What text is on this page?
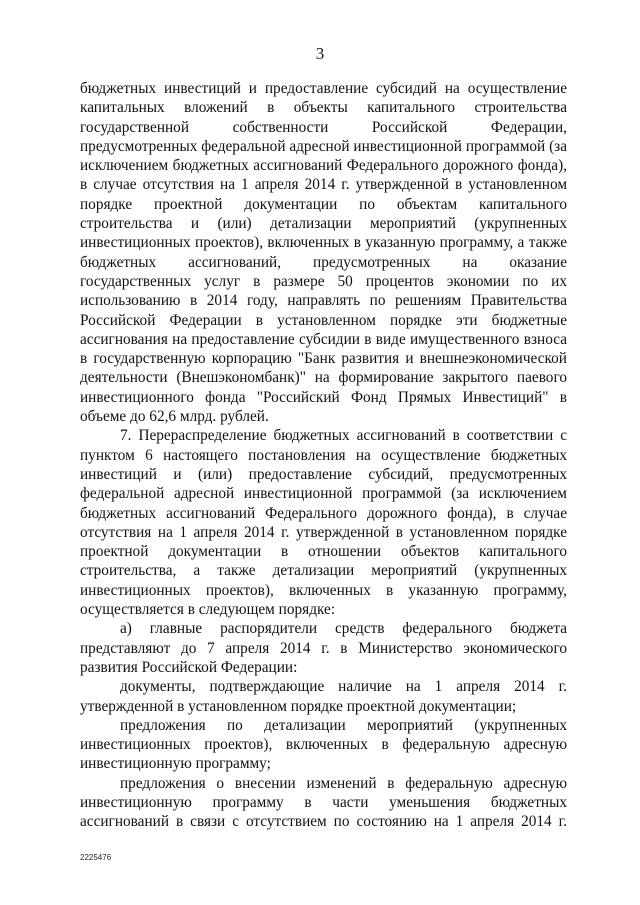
3

бюджетных инвестиций и предоставление субсидий на осуществление капитальных вложений в объекты капитального строительства государственной собственности Российской Федерации, предусмотренных федеральной адресной инвестиционной программой (за исключением бюджетных ассигнований Федерального дорожного фонда), в случае отсутствия на 1 апреля 2014 г. утвержденной в установленном порядке проектной документации по объектам капитального строительства и (или) детализации мероприятий (укрупненных инвестиционных проектов), включенных в указанную программу, а также бюджетных ассигнований, предусмотренных на оказание государственных услуг в размере 50 процентов экономии по их использованию в 2014 году, направлять по решениям Правительства Российской Федерации в установленном порядке эти бюджетные ассигнования на предоставление субсидии в виде имущественного взноса в государственную корпорацию "Банк развития и внешнеэкономической деятельности (Внешэкономбанк)" на формирование закрытого паевого инвестиционного фонда "Российский Фонд Прямых Инвестиций" в объеме до 62,6 млрд. рублей.

7. Перераспределение бюджетных ассигнований в соответствии с пунктом 6 настоящего постановления на осуществление бюджетных инвестиций и (или) предоставление субсидий, предусмотренных федеральной адресной инвестиционной программой (за исключением бюджетных ассигнований Федерального дорожного фонда), в случае отсутствия на 1 апреля 2014 г. утвержденной в установленном порядке проектной документации в отношении объектов капитального строительства, а также детализации мероприятий (укрупненных инвестиционных проектов), включенных в указанную программу, осуществляется в следующем порядке:

а) главные распорядители средств федерального бюджета представляют до 7 апреля 2014 г. в Министерство экономического развития Российской Федерации:

документы, подтверждающие наличие на 1 апреля 2014 г. утвержденной в установленном порядке проектной документации;

предложения по детализации мероприятий (укрупненных инвестиционных проектов), включенных в федеральную адресную инвестиционную программу;

предложения о внесении изменений в федеральную адресную инвестиционную программу в части уменьшения бюджетных ассигнований в связи с отсутствием по состоянию на 1 апреля 2014 г.

2225476
